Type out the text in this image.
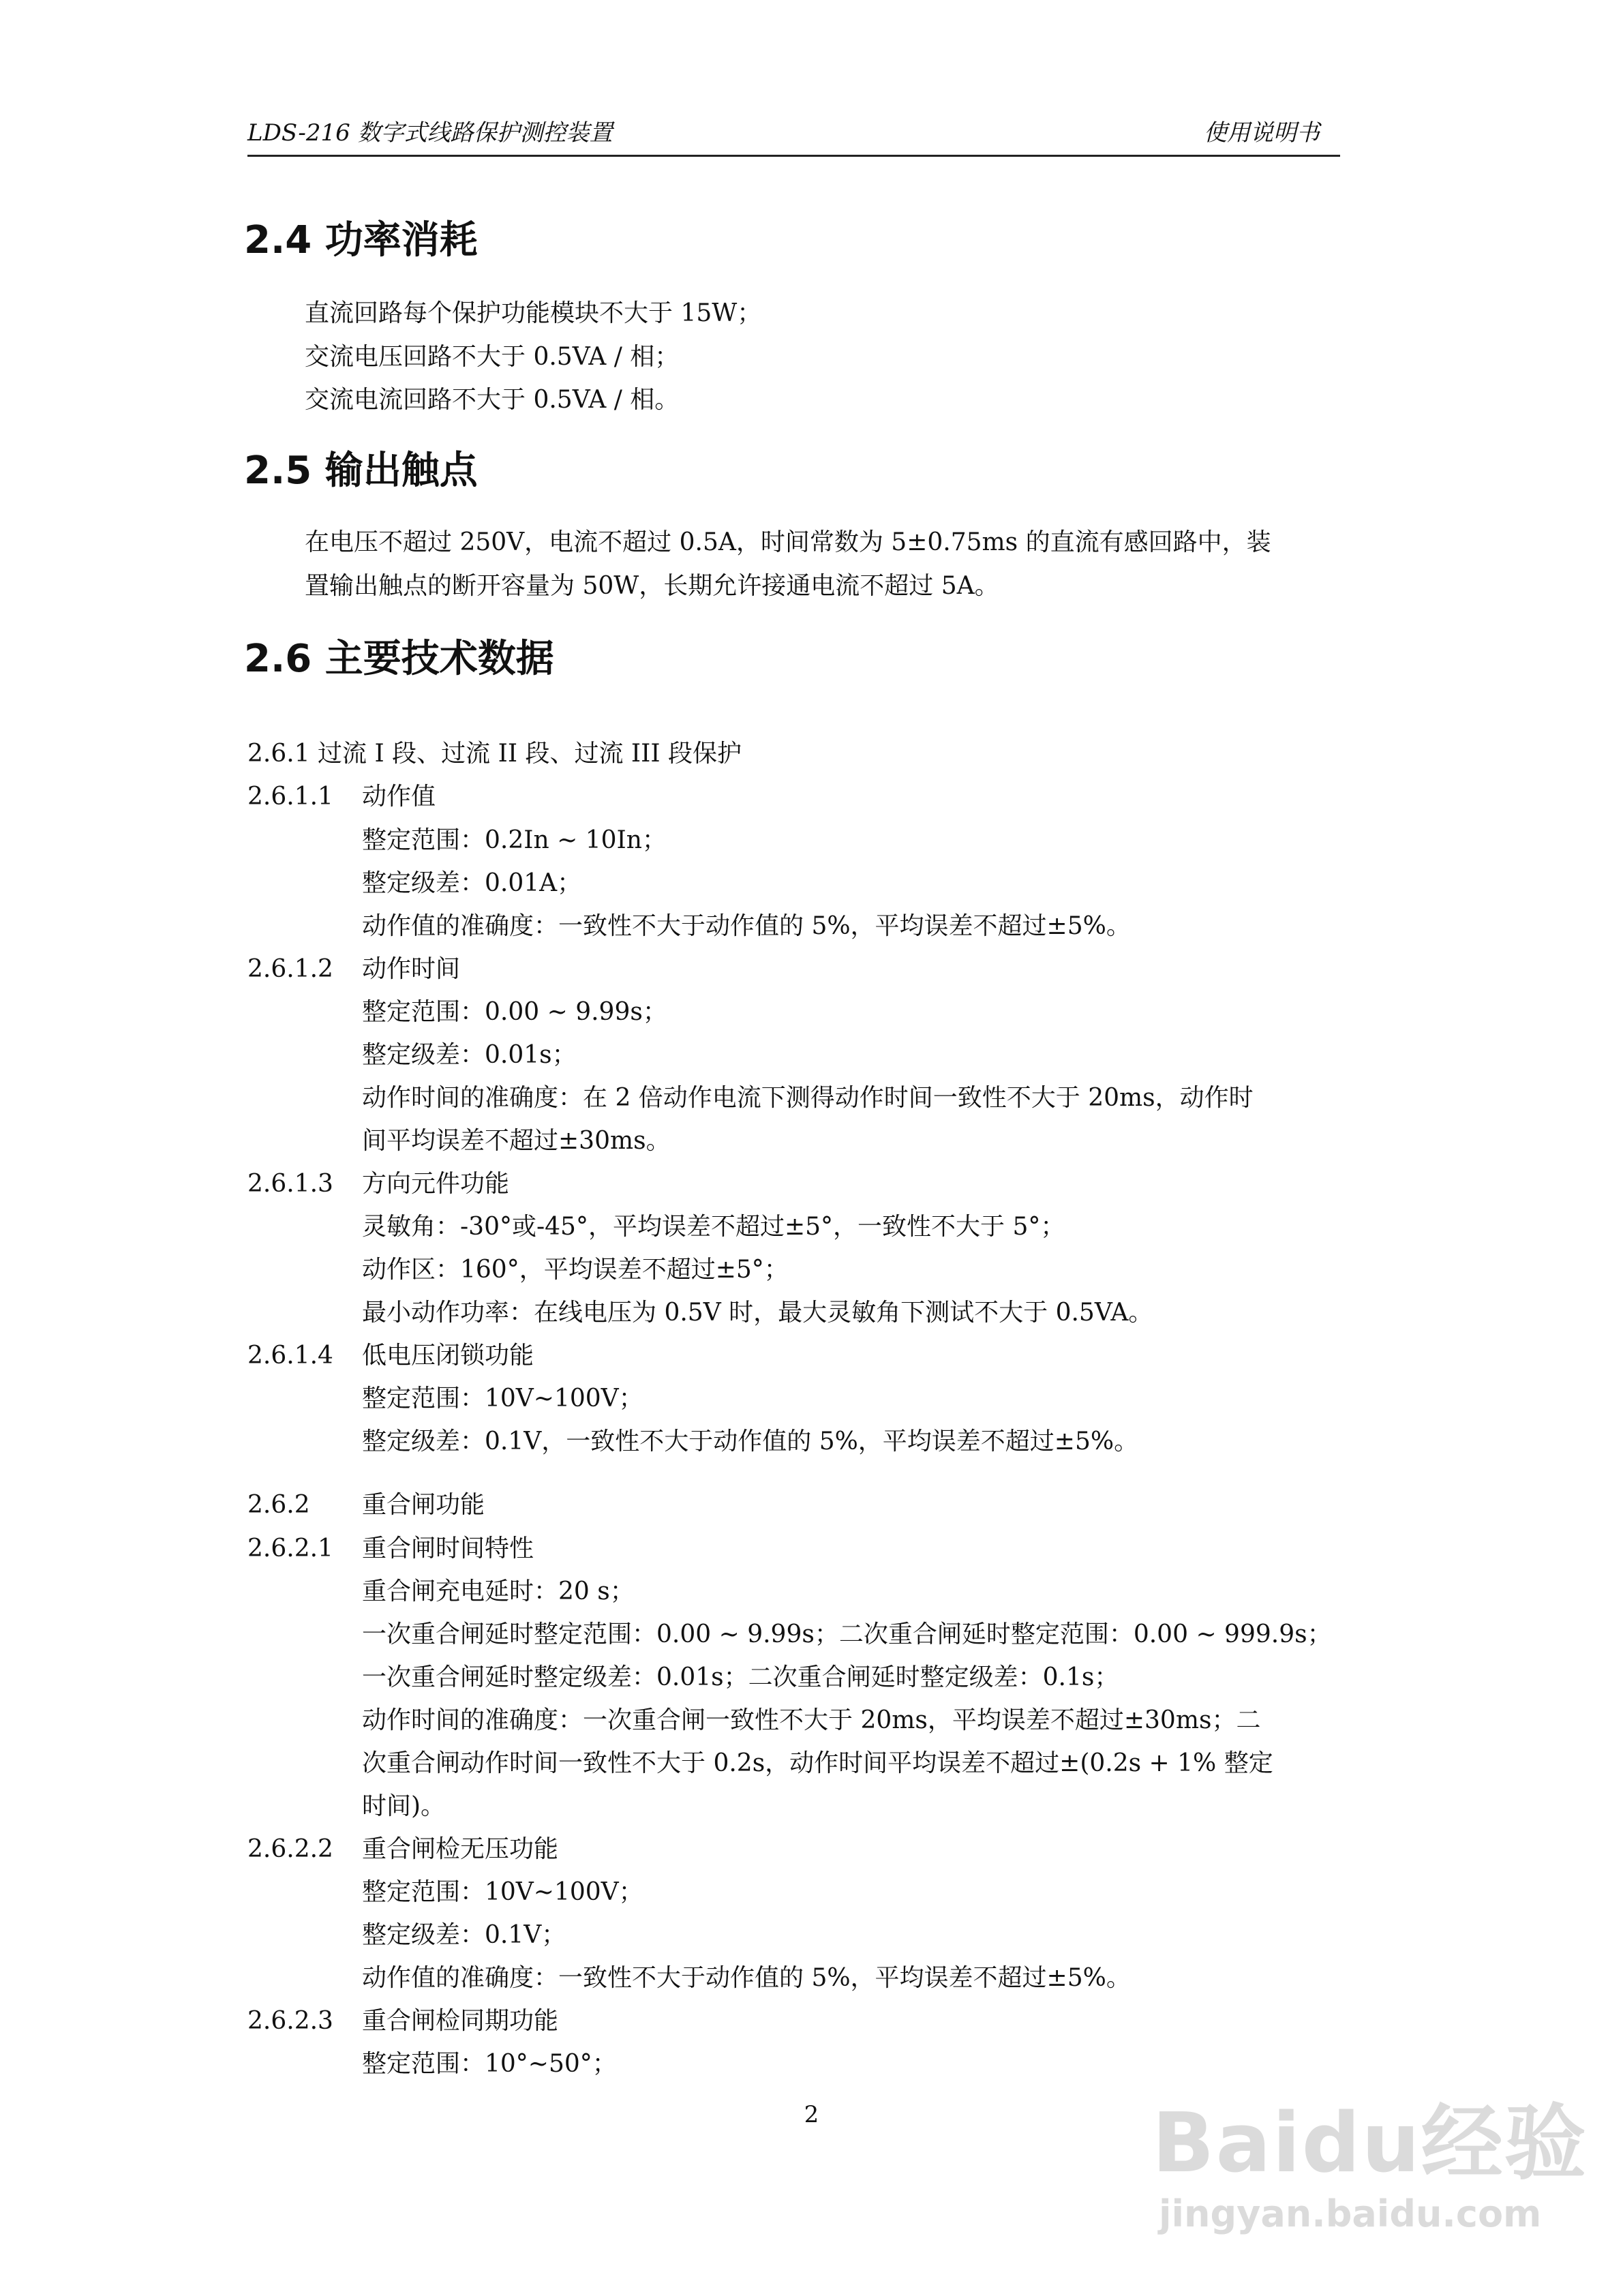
LDS-216 数字式线路保护测控装置	使用说明书
2.4 功率消耗
直流回路每个保护功能模块不大于 15W；
交流电压回路不大于 0.5VA / 相；
交流电流回路不大于 0.5VA / 相。
2.5 输出触点
在电压不超过 250V，电流不超过 0.5A，时间常数为 5±0.75ms 的直流有感回路中，装
置输出触点的断开容量为 50W，长期允许接通电流不超过 5A。
2.6 主要技术数据
2.6.1 过流 I 段、过流 II 段、过流 III 段保护
2.6.1.1 动作值
整定范围：0.2In ~ 10In；
整定级差：0.01A；
动作值的准确度：一致性不大于动作值的 5%，平均误差不超过±5%。
2.6.1.2 动作时间
整定范围：0.00 ~ 9.99s；
整定级差：0.01s；
动作时间的准确度：在 2 倍动作电流下测得动作时间一致性不大于 20ms，动作时
间平均误差不超过±30ms。
2.6.1.3 方向元件功能
灵敏角：-30°或-45°，平均误差不超过±5°，一致性不大于 5°；
动作区：160°，平均误差不超过±5°；
最小动作功率：在线电压为 0.5V 时，最大灵敏角下测试不大于 0.5VA。
2.6.1.4 低电压闭锁功能
整定范围：10V~100V；
整定级差：0.1V，一致性不大于动作值的 5%，平均误差不超过±5%。
2.6.2 重合闸功能
2.6.2.1 重合闸时间特性
重合闸充电延时：20 s；
一次重合闸延时整定范围：0.00 ~ 9.99s；二次重合闸延时整定范围：0.00 ~ 999.9s；
一次重合闸延时整定级差：0.01s；二次重合闸延时整定级差：0.1s；
动作时间的准确度：一次重合闸一致性不大于 20ms，平均误差不超过±30ms；二
次重合闸动作时间一致性不大于 0.2s，动作时间平均误差不超过±(0.2s + 1% 整定
时间)。
2.6.2.2 重合闸检无压功能
整定范围：10V~100V；
整定级差：0.1V；
动作值的准确度：一致性不大于动作值的 5%，平均误差不超过±5%。
2.6.2.3 重合闸检同期功能
整定范围：10°~50°；
2	Baidu经验
jingyan.baidu.com
